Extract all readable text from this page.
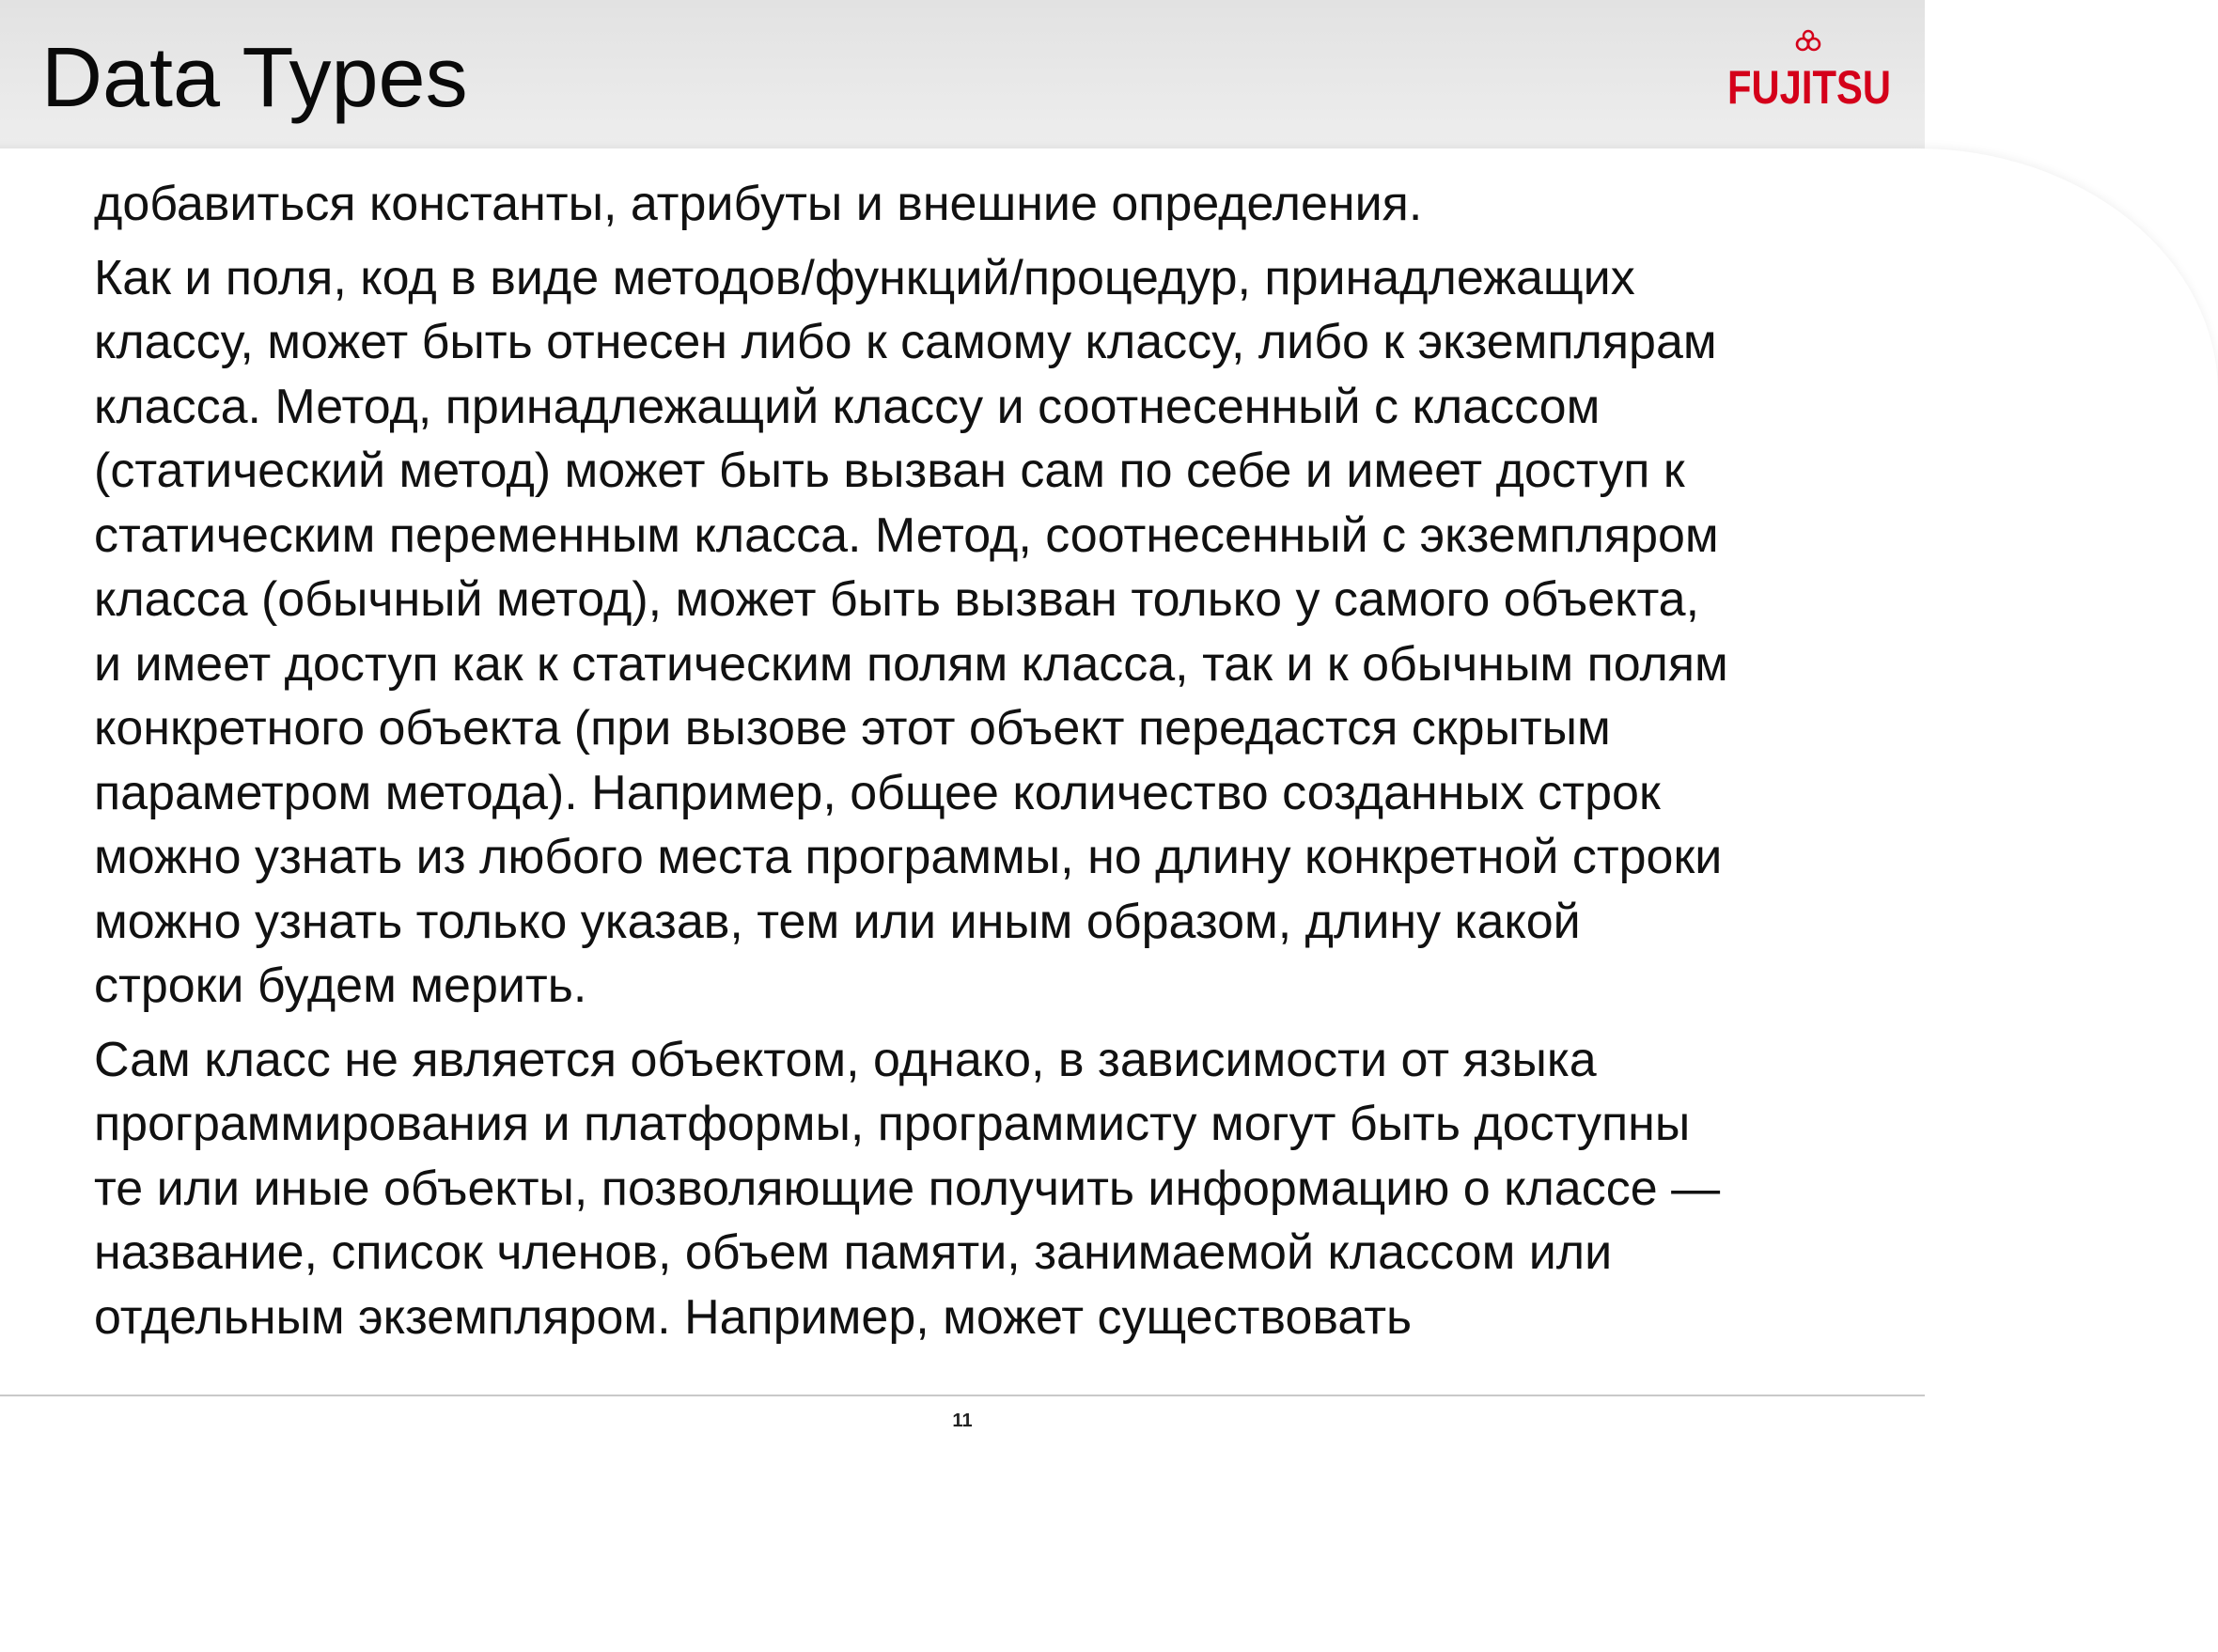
Data Types	FUJITSU

добавиться константы, атрибуты и внешние определения.

Как и поля, код в виде методов/функций/процедур, принадлежащих
классу, может быть отнесен либо к самому классу, либо к экземплярам
класса. Метод, принадлежащий классу и соотнесенный с классом
(статический метод) может быть вызван сам по себе и имеет доступ к
статическим переменным класса. Метод, соотнесенный с экземпляром
класса (обычный метод), может быть вызван только у самого объекта,
и имеет доступ как к статическим полям класса, так и к обычным полям
конкретного объекта (при вызове этот объект передастся скрытым
параметром метода). Например, общее количество созданных строк
можно узнать из любого места программы, но длину конкретной строки
можно узнать только указав, тем или иным образом, длину какой
строки будем мерить.

Сам класс не является объектом, однако, в зависимости от языка
программирования и платформы, программисту могут быть доступны
те или иные объекты, позволяющие получить информацию о классе —
название, список членов, объем памяти, занимаемой классом или
отдельным экземпляром. Например, может существовать

11
